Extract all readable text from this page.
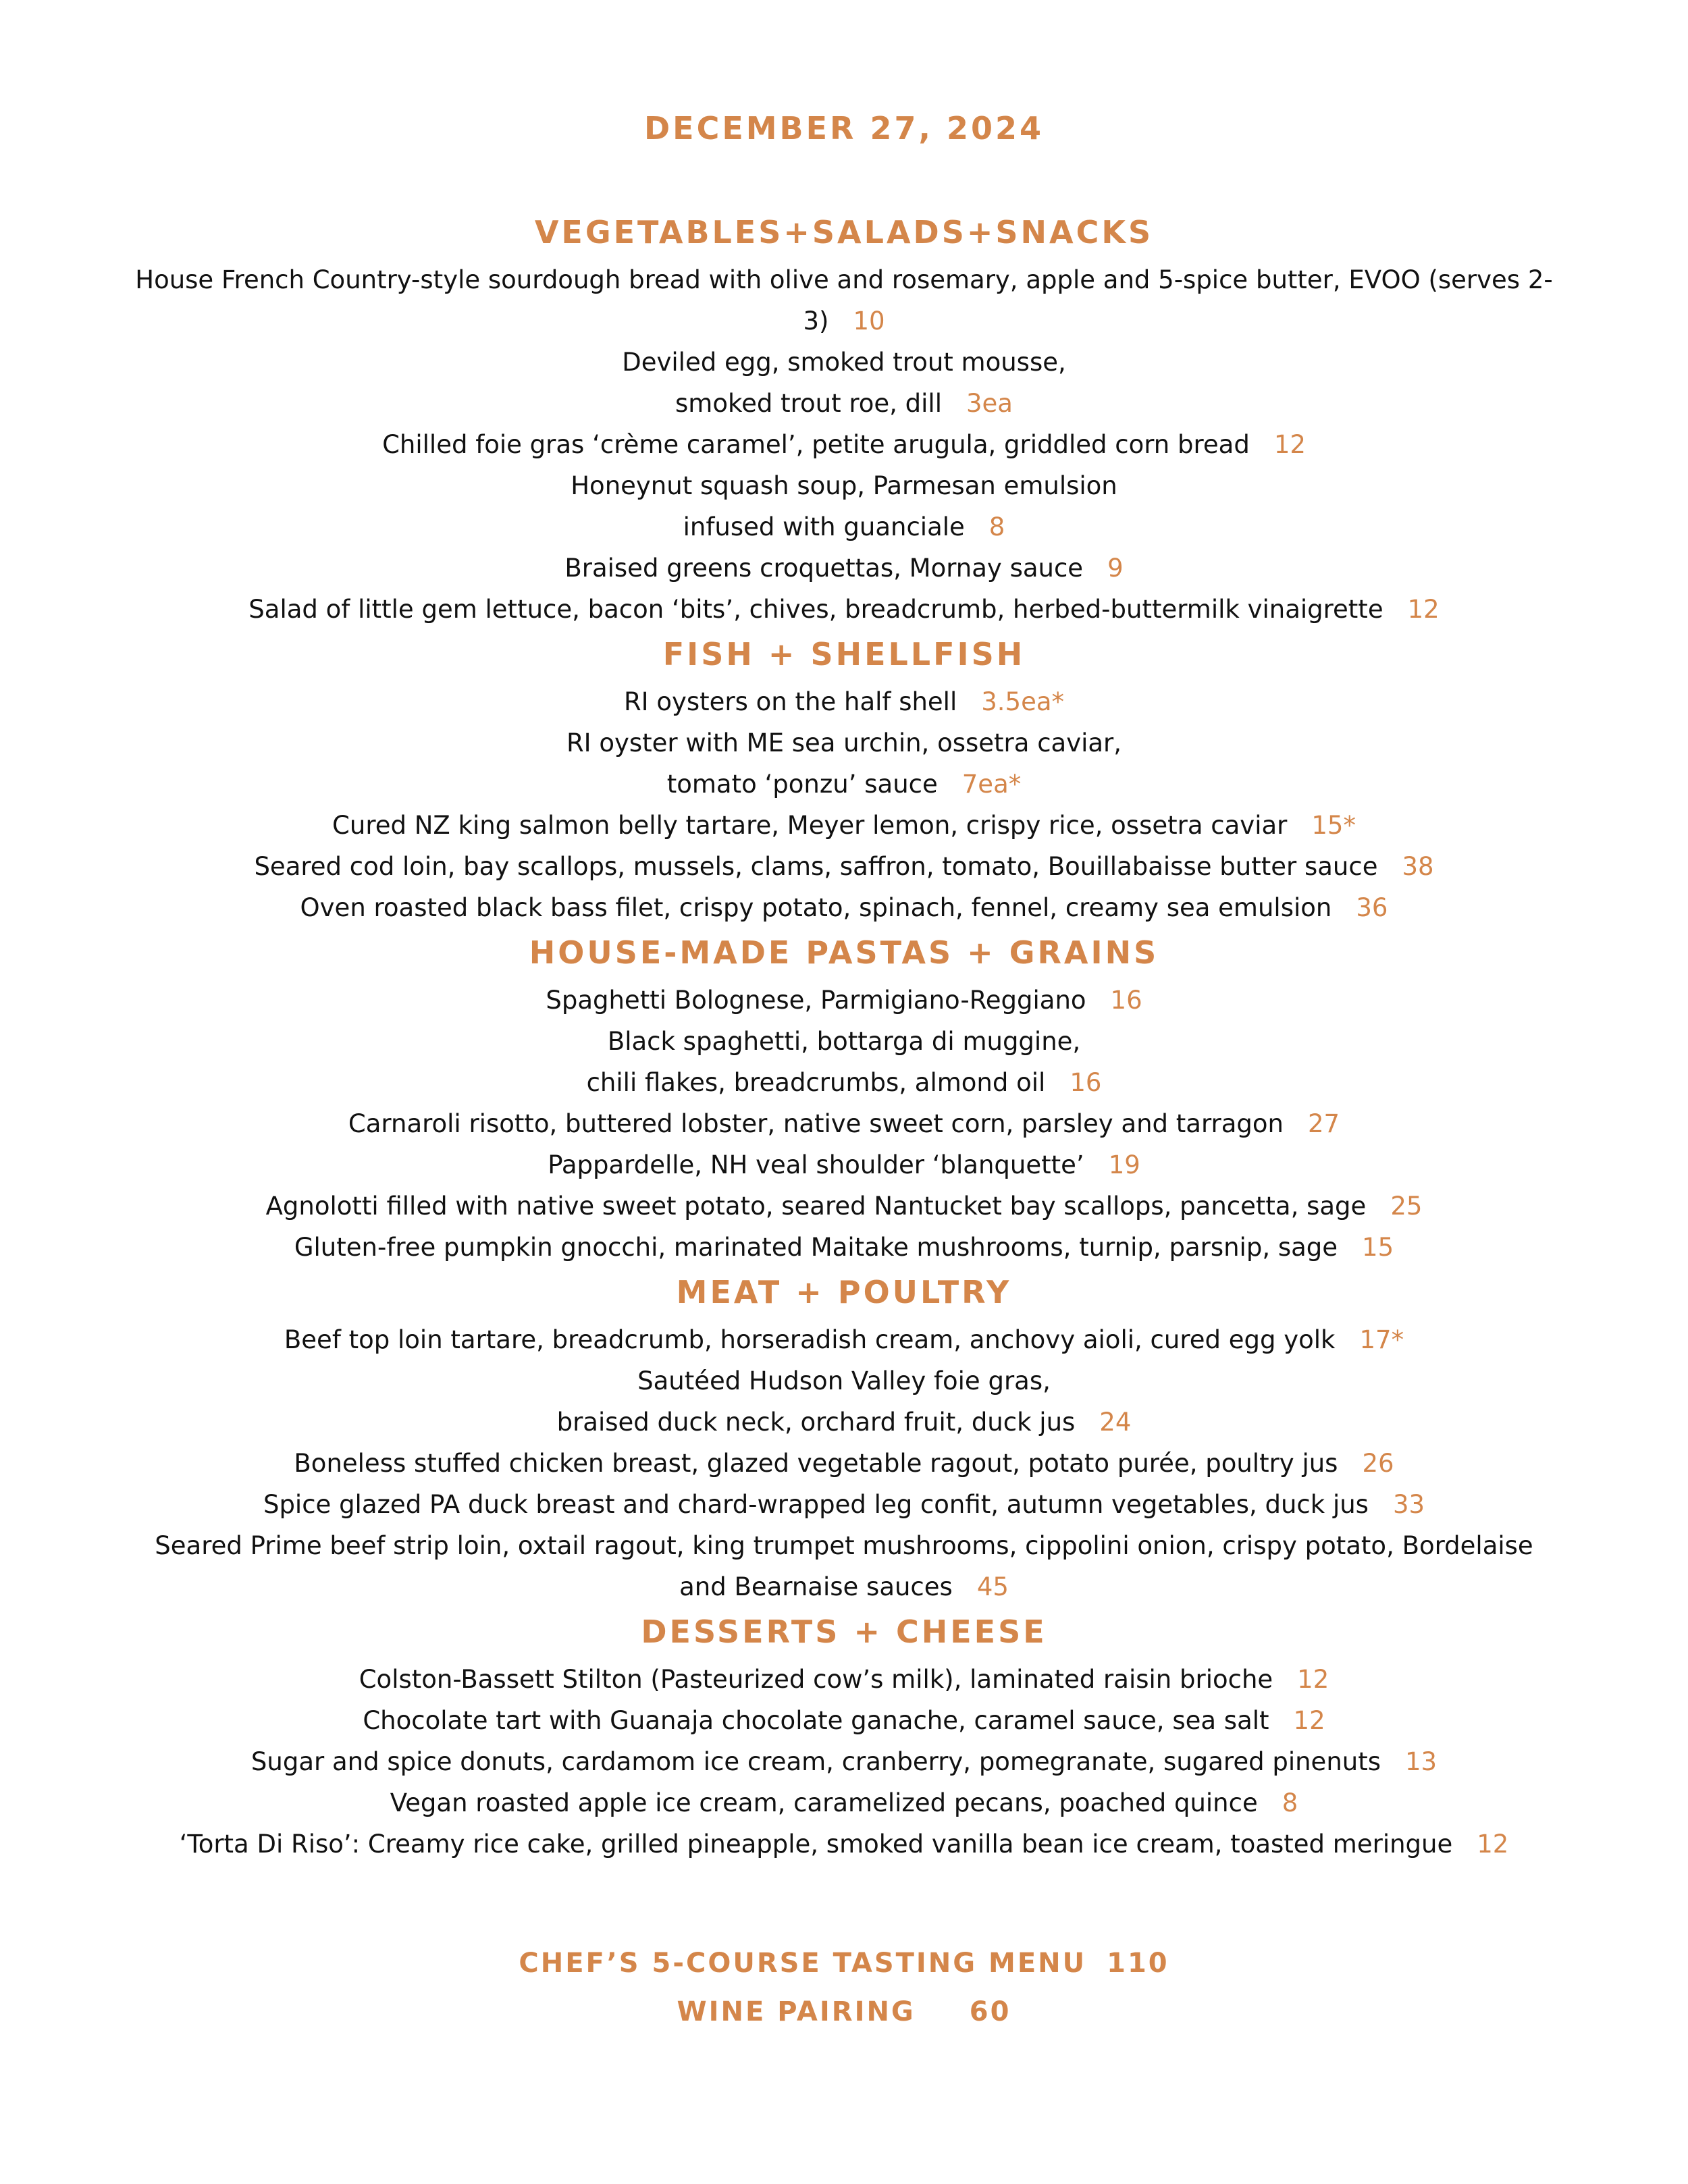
DECEMBER 27, 2024
VEGETABLES+SALADS+SNACKS
House French Country-style sourdough bread with olive and rosemary, apple and 5-spice butter, EVOO (serves 2-3) 10
Deviled egg, smoked trout mousse,
smoked trout roe, dill 3ea
Chilled foie gras ‘crème caramel’, petite arugula, griddled corn bread 12
Honeynut squash soup, Parmesan emulsion
infused with guanciale 8
Braised greens croquettas, Mornay sauce 9
Salad of little gem lettuce, bacon ‘bits’, chives, breadcrumb, herbed-buttermilk vinaigrette 12
FISH + SHELLFISH
RI oysters on the half shell 3.5ea*
RI oyster with ME sea urchin, ossetra caviar,
tomato ‘ponzu’ sauce 7ea*
Cured NZ king salmon belly tartare, Meyer lemon, crispy rice, ossetra caviar 15*
Seared cod loin, bay scallops, mussels, clams, saffron, tomato, Bouillabaisse butter sauce 38
Oven roasted black bass filet, crispy potato, spinach, fennel, creamy sea emulsion 36
HOUSE-MADE PASTAS + GRAINS
Spaghetti Bolognese, Parmigiano-Reggiano 16
Black spaghetti, bottarga di muggine,
chili flakes, breadcrumbs, almond oil 16
Carnaroli risotto, buttered lobster, native sweet corn, parsley and tarragon 27
Pappardelle, NH veal shoulder ‘blanquette’ 19
Agnolotti filled with native sweet potato, seared Nantucket bay scallops, pancetta, sage 25
Gluten-free pumpkin gnocchi, marinated Maitake mushrooms, turnip, parsnip, sage 15
MEAT + POULTRY
Beef top loin tartare, breadcrumb, horseradish cream, anchovy aioli, cured egg yolk 17*
Sautéed Hudson Valley foie gras,
braised duck neck, orchard fruit, duck jus 24
Boneless stuffed chicken breast, glazed vegetable ragout, potato purée, poultry jus 26
Spice glazed PA duck breast and chard-wrapped leg confit, autumn vegetables, duck jus 33
Seared Prime beef strip loin, oxtail ragout, king trumpet mushrooms, cippolini onion, crispy potato, Bordelaise
and Bearnaise sauces 45
DESSERTS + CHEESE
Colston-Bassett Stilton (Pasteurized cow’s milk), laminated raisin brioche 12
Chocolate tart with Guanaja chocolate ganache, caramel sauce, sea salt 12
Sugar and spice donuts, cardamom ice cream, cranberry, pomegranate, sugared pinenuts 13
Vegan roasted apple ice cream, caramelized pecans, poached quince 8
‘Torta Di Riso’: Creamy rice cake, grilled pineapple, smoked vanilla bean ice cream, toasted meringue 12
CHEF’S 5-COURSE TASTING MENU 110
WINE PAIRING 60
